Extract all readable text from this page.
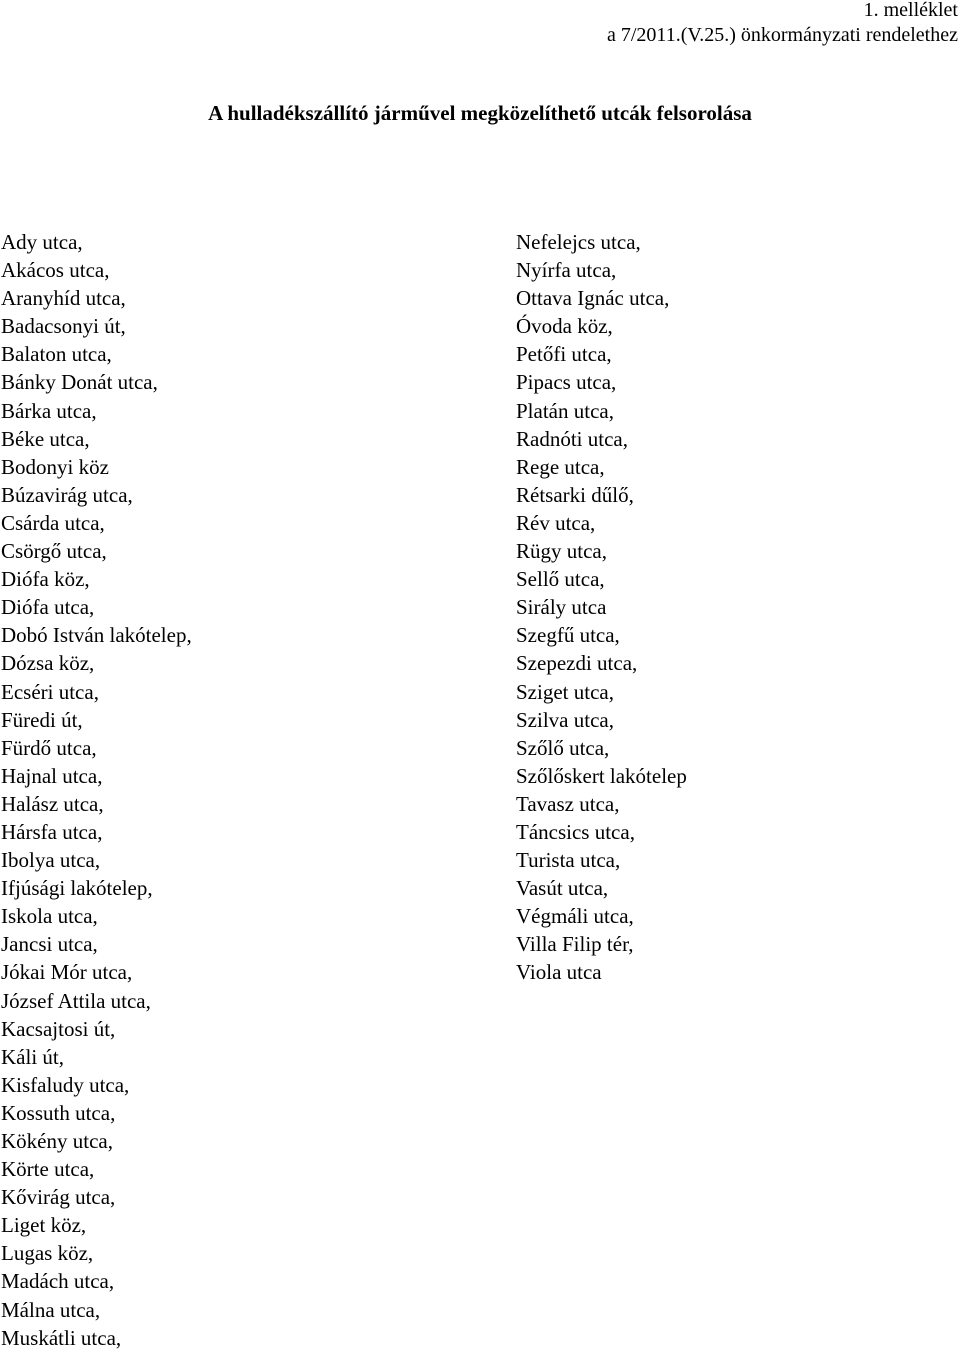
1. melléklet
a 7/2011.(V.25.) önkormányzati rendelethez
A hulladékszállító járművel megközelíthető utcák felsorolása
Ady utca,
Akácos utca,
Aranyhíd utca,
Badacsonyi út,
Balaton utca,
Bánky Donát utca,
Bárka utca,
Béke utca,
Bodonyi köz
Búzavirág utca,
Csárda utca,
Csörgő utca,
Diófa köz,
Diófa utca,
Dobó István lakótelep,
Dózsa köz,
Ecséri utca,
Füredi út,
Fürdő utca,
Hajnal utca,
Halász utca,
Hársfa utca,
Ibolya utca,
Ifjúsági lakótelep,
Iskola utca,
Jancsi utca,
Jókai Mór utca,
József Attila utca,
Kacsajtosi út,
Káli út,
Kisfaludy utca,
Kossuth utca,
Kökény utca,
Körte utca,
Kővirág utca,
Liget köz,
Lugas köz,
Madách utca,
Málna utca,
Muskátli utca,
Nefelejcs utca,
Nyírfa utca,
Ottava Ignác utca,
Óvoda köz,
Petőfi utca,
Pipacs utca,
Platán utca,
Radnóti utca,
Rege utca,
Rétsarki dűlő,
Rév utca,
Rügy utca,
Sellő utca,
Sirály utca
Szegfű utca,
Szepezdi utca,
Sziget utca,
Szilva utca,
Szőlő utca,
Szőlőskert lakótelep
Tavasz utca,
Táncsics utca,
Turista utca,
Vasút utca,
Végmáli utca,
Villa Filip tér,
Viola utca
